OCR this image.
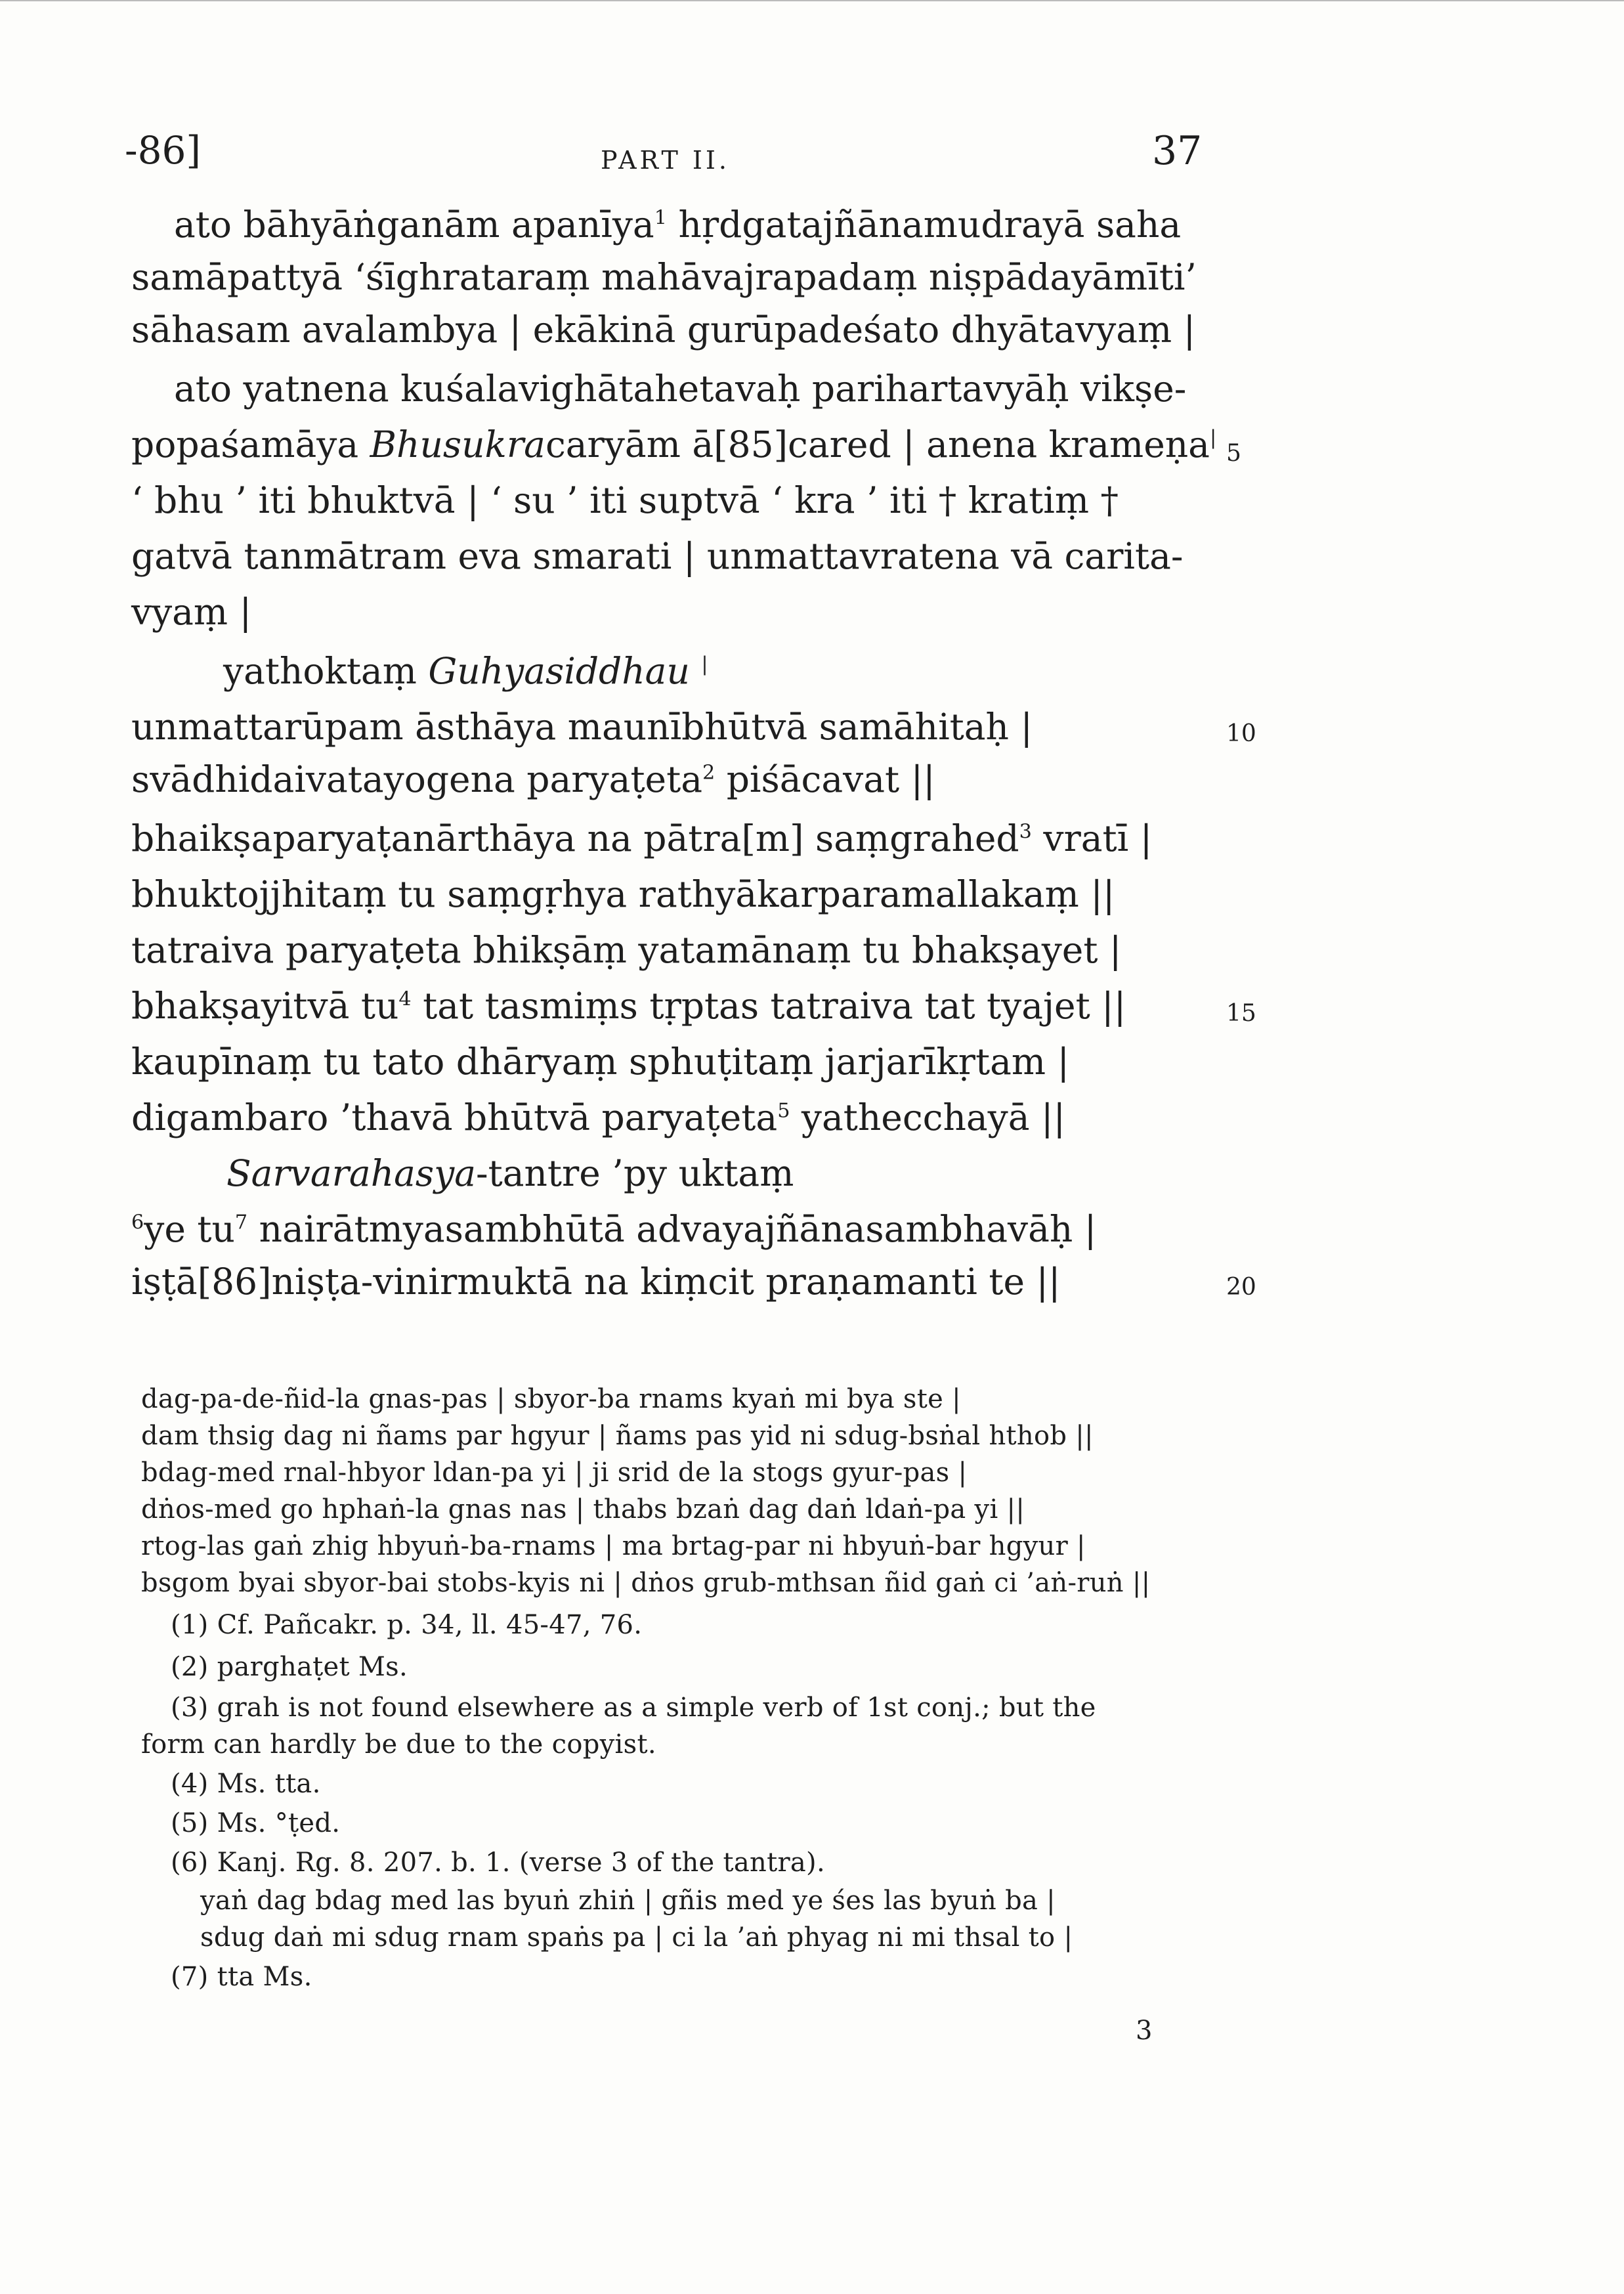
-86]	PART II.	37
ato bāhyāṅganām apanīya$^1$ hṛdgatajñānamudrayā saha
samāpattyā ‘śīghrataraṃ mahāvajrapadaṃ niṣpādayāmīti’
sāhasam avalambya | ekākinā gurūpadeśato dhyātavyaṃ |
ato yatnena kuśalavighātahetavaḥ parihartavyāḥ vikṣe-
popaśamāya Bhusukracaryām ā[85]cared | anena krameṇa|
‘ bhu ’ iti bhuktvā | ‘ su ’ iti suptvā ‘ kra ’ iti † kratiṃ †
gatvā tanmātram eva smarati | unmattavratena vā carita-
vyaṃ |
yathoktaṃ Guhyasiddhau |
unmattarūpam āsthāya maunībhūtvā samāhitaḥ |
svādhidaivatayogena paryaṭeta$^2$ piśācavat ||
bhaikṣaparyaṭanārthāya na pātra[m] saṃgrahed$^3$ vratī |
bhuktojjhitaṃ tu saṃgṛhya rathyākarparamallakaṃ ||
tatraiva paryaṭeta bhikṣāṃ yatamānaṃ tu bhakṣayet |
bhakṣayitvā $tu^4$ tat tasmiṃs tṛptas tatraiva tat tyajet ||
kaupīnaṃ tu tato dhāryaṃ sphuṭitaṃ jarjarīkṛtam |
digambaro ’thavā bhūtvā paryaṭeta$^5$ yathecchayā ||
Sarvarahasya-tantre ’py uktaṃ
$^6$ye $tu^7$ nairātmyasambhūtā advayajñānasambhavāḥ |
iṣṭā[86]niṣṭa-vinirmuktā na kiṃcit praṇamanti te ||
5
10
15
20
dag-pa-de-ñid-la gnas-pas | sbyor-ba rnams kyaṅ mi bya ste |
dam thsig dag ni ñams par hgyur | ñams pas yid ni sdug-bsṅal hthob ||
bdag-med rnal-hbyor ldan-pa yi | ji srid de la stogs gyur-pas |
dṅos-med go hphaṅ-la gnas nas | thabs bzaṅ dag daṅ ldaṅ-pa yi ||
rtog-las gaṅ zhig hbyuṅ-ba-rnams | ma brtag-par ni hbyuṅ-bar hgyur |
bsgom byai sbyor-bai stobs-kyis ni | dṅos grub-mthsan ñid gaṅ ci ’aṅ-ruṅ ||
(1) Cf. Pañcakr. p. 34, ll. 45-47, 76.
(2) parghaṭet Ms.
(3) grah is not found elsewhere as a simple verb of 1st conj.; but the
form can hardly be due to the copyist.
(4) Ms. tta.
(5) Ms. °ṭed.
(6) Kanj. Rg. 8. 207. b. 1. (verse 3 of the tantra).
yaṅ dag bdag med las byuṅ zhiṅ | gñis med ye śes las byuṅ ba |
sdug daṅ mi sdug rnam spaṅs pa | ci la ’aṅ phyag ni mi thsal to |
(7) tta Ms.
3
